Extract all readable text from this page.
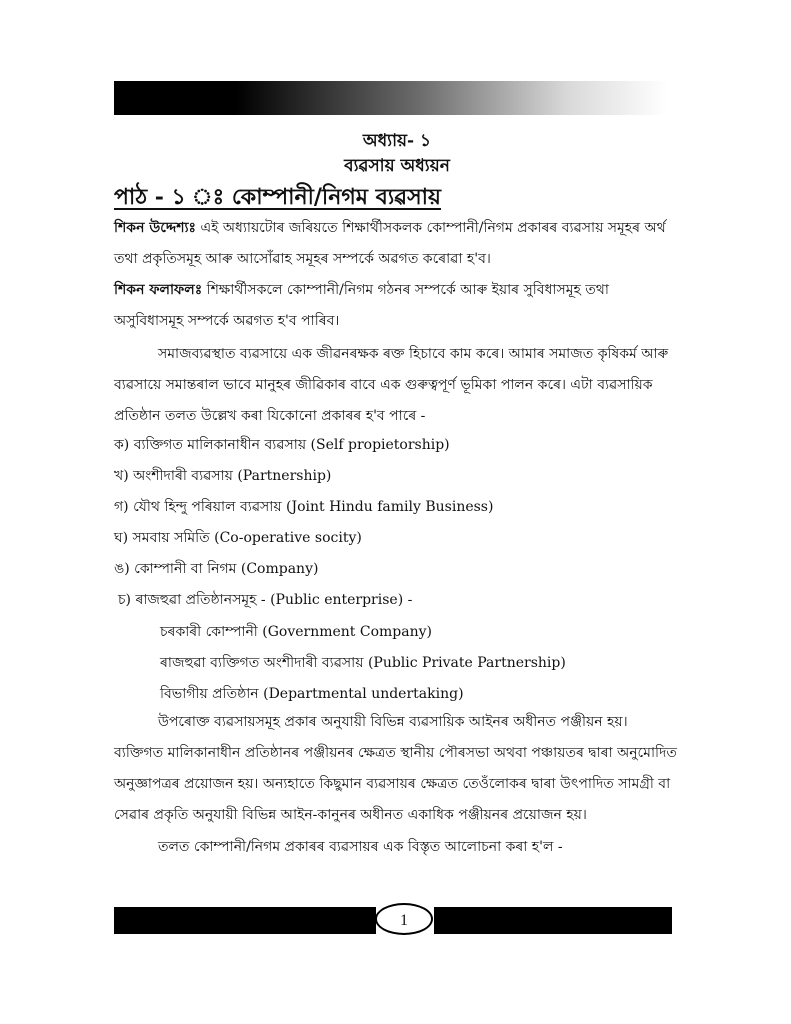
অধ্যায়- ১
ব্যৱসায় অধ্যয়ন
পাঠ - ১ ঃ কোম্পানী/নিগম ব্যৱসায়

শিকন উদ্দেশ্যঃ এই অধ্যায়টোৰ জৰিয়তে শিক্ষাৰ্থীসকলক কোম্পানী/নিগম প্ৰকাৰৰ ব্যৱসায় সমূহৰ অৰ্থ তথা প্ৰকৃতিসমূহ আৰু আসোঁৱাহ সমূহৰ সম্পৰ্কে অৱগত কৰোৱা হ'ব।

শিকন ফলাফলঃ শিক্ষাৰ্থীসকলে কোম্পানী/নিগম গঠনৰ সম্পৰ্কে আৰু ইয়াৰ সুবিধাসমূহ তথা অসুবিধাসমূহ সম্পৰ্কে অৱগত হ'ব পাৰিব।

সমাজব্যৱস্থাত ব্যৱসায়ে এক জীৱনৰক্ষক ৰক্ত হিচাবে কাম কৰে। আমাৰ সমাজত কৃষিকৰ্ম আৰু ব্যৱসায়ে সমান্তৰাল ভাবে মানুহৰ জীৱিকাৰ বাবে এক গুৰুত্বপূৰ্ণ ভূমিকা পালন কৰে। এটা ব্যৱসায়িক প্ৰতিষ্ঠান তলত উল্লেখ কৰা যিকোনো প্ৰকাৰৰ হ'ব পাৰে -

ক) ব্যক্তিগত মালিকানাধীন ব্যৱসায় (Self propietorship)
খ) অংশীদাৰী ব্যৱসায় (Partnership)
গ) যৌথ হিন্দু পৰিয়াল ব্যৱসায় (Joint Hindu family Business)
ঘ) সমবায় সমিতি (Co-operative socity)
ঙ) কোম্পানী বা নিগম (Company)
চ) ৰাজহুৱা প্ৰতিষ্ঠানসমূহ - (Public enterprise) -
চৰকাৰী কোম্পানী (Government Company)
ৰাজহুৱা ব্যক্তিগত অংশীদাৰী ব্যৱসায় (Public Private Partnership)
বিভাগীয় প্ৰতিষ্ঠান (Departmental undertaking)

উপৰোক্ত ব্যৱসায়সমূহ প্ৰকাৰ অনুযায়ী বিভিন্ন ব্যৱসায়িক আইনৰ অধীনত পঞ্জীয়ন হয়। ব্যক্তিগত মালিকানাধীন প্ৰতিষ্ঠানৰ পঞ্জীয়নৰ ক্ষেত্ৰত স্থানীয় পৌৰসভা অথবা পঞ্চায়তৰ দ্বাৰা অনুমোদিত অনুজ্ঞাপত্ৰৰ প্ৰয়োজন হয়। অন্যহাতে কিছুমান ব্যৱসায়ৰ ক্ষেত্ৰত তেওঁলোকৰ দ্বাৰা উৎপাদিত সামগ্ৰী বা সেৱাৰ প্ৰকৃতি অনুযায়ী বিভিন্ন আইন-কানুনৰ অধীনত একাধিক পঞ্জীয়নৰ প্ৰয়োজন হয়।

তলত কোম্পানী/নিগম প্ৰকাৰৰ ব্যৱসায়ৰ এক বিস্তৃত আলোচনা কৰা হ'ল -

1
